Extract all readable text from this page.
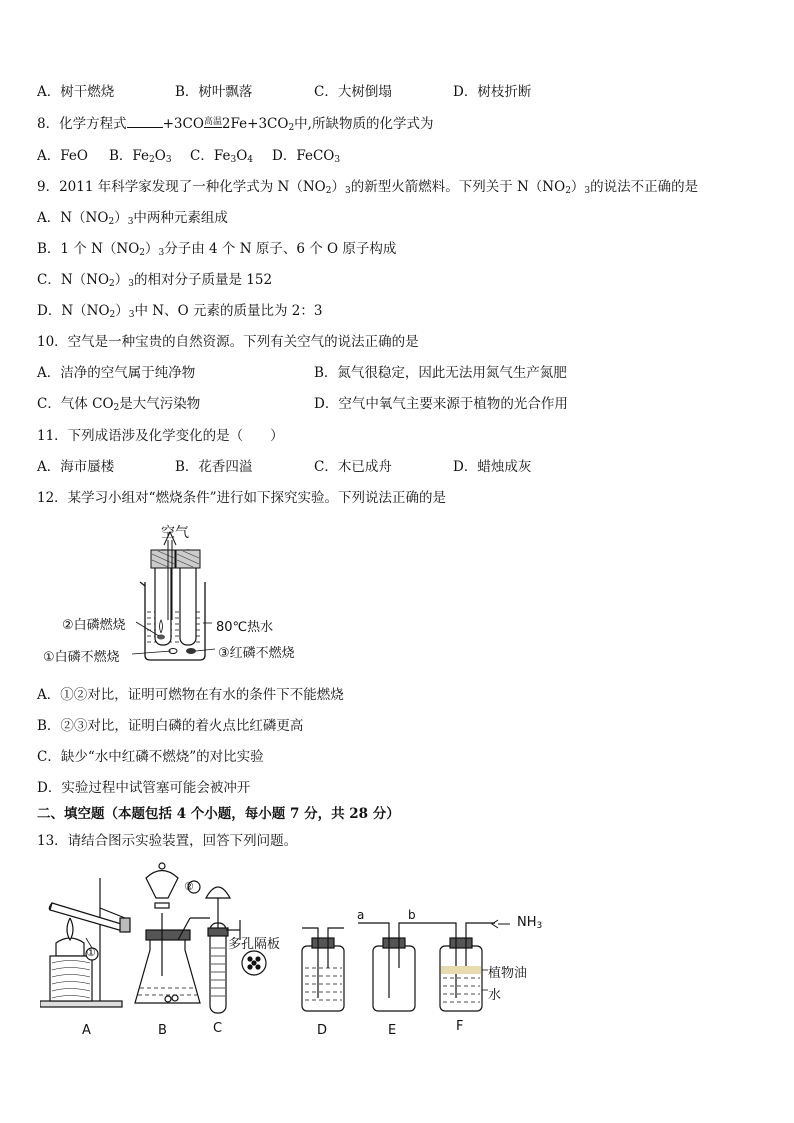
A．树干燃烧	B．树叶飘落	C．大树倒塌	D．树枝折断
8．化学方程式	+3CO高温$2Fe+3CO_2$中,所缺物质的化学式为
A．FeO B．$Fe_2O_3$ C．$Fe_3O_4$ D．FeCO$_3$
9．2011 年科学家发现了一种化学式为 $N(NO_2)_3$的新型火箭燃料。下列关于 $N(NO_2)_3$的说法不正确的是
A．$N(NO_2)_3$中两种元素组成
B．1 个 $N(NO_2)_3$分子由 4 个 N 原子、6 个 O 原子构成
C．$N(NO_2)_3$的相对分子质量是 152
D．$N(NO_2)_3$中 N、O 元素的质量比为 2：3
10．空气是一种宝贵的自然资源。下列有关空气的说法正确的是
A．洁净的空气属于纯净物	B．氮气很稳定，因此无法用氮气生产氮肥
C．气体 $CO_2$是大气污染物	D．空气中氧气主要来源于植物的光合作用
11．下列成语涉及化学变化的是（　　）
A．海市蜃楼	B．花香四溢	C．木已成舟	D．蜡烛成灰
12．某学习小组对“燃烧条件”进行如下探究实验。下列说法正确的是
空气
②白磷燃烧	80℃热水
①白磷不燃烧	③红磷不燃烧
A．①②对比，证明可燃物在有水的条件下不能燃烧
B．②③对比，证明白磷的着火点比红磷更高
C．缺少“水中红磷不燃烧”的对比实验
D．实验过程中试管塞可能会被冲开
二、填空题（本题包括 4 个小题，每小题 7 分，共 28 分）
13．请结合图示实验装置，回答下列问题。
①
②
多孔隔板
a	b	$NH_3$
植物油
水
A	B	C	D	E	F
